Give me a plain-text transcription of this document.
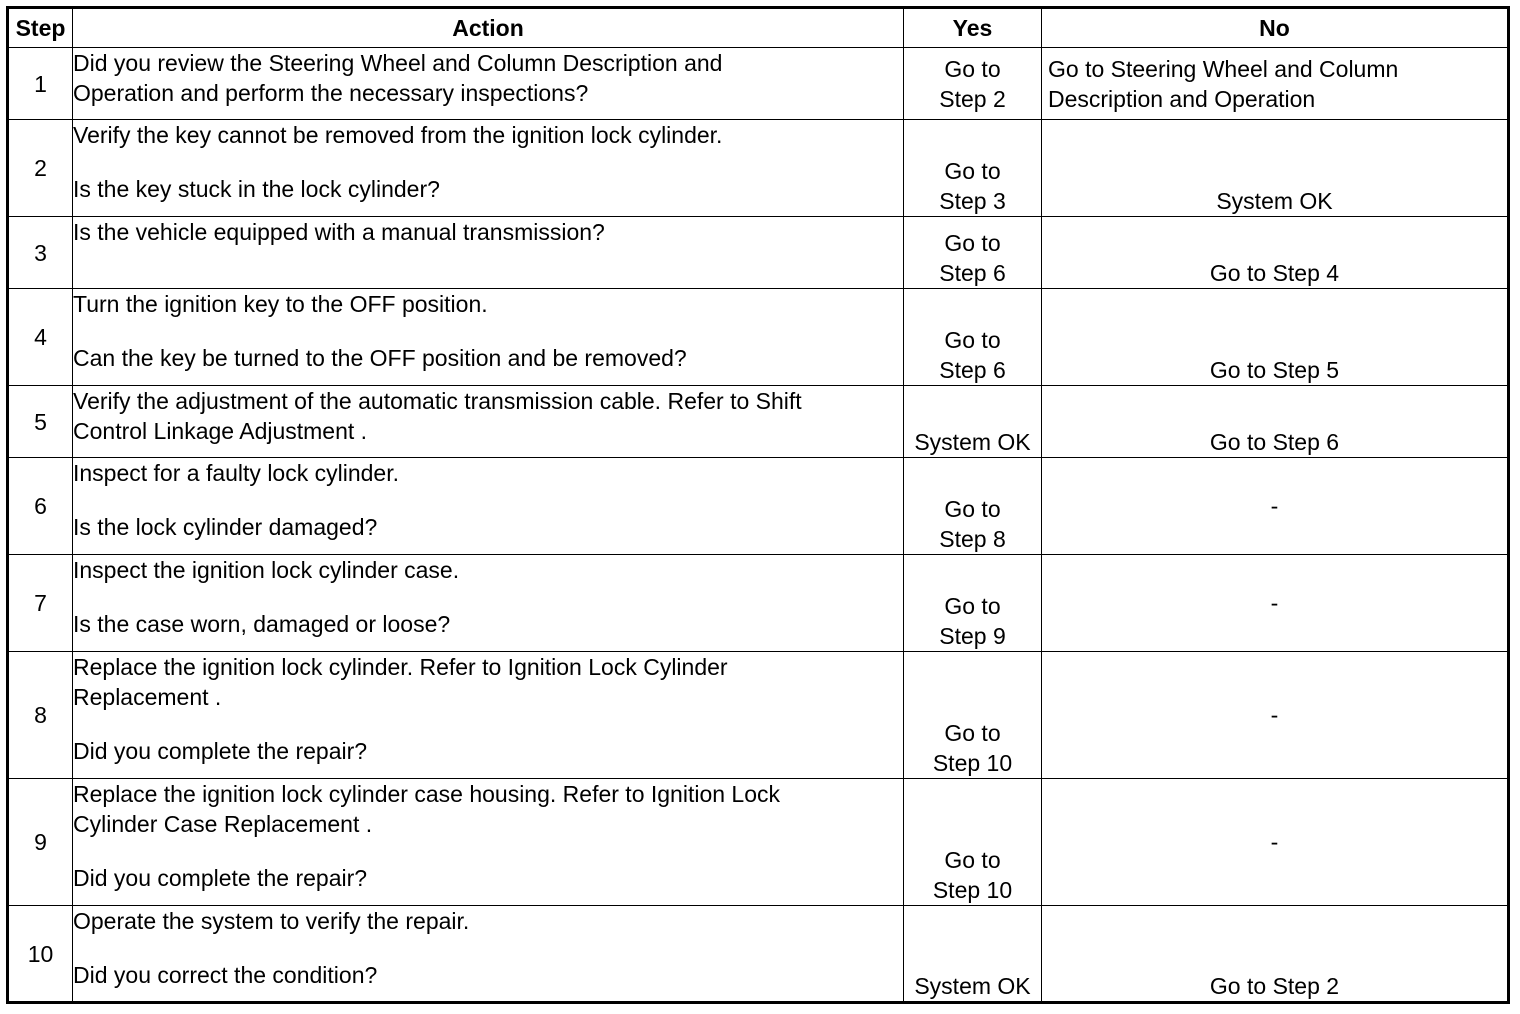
Step	Action	Yes	No
1	Did you review the Steering Wheel and Column Description and
Operation and perform the necessary inspections?	Go to
Step 2	Go to Steering Wheel and Column
Description and Operation

2	Verify the key cannot be removed from the ignition lock cylinder.
Is the key stuck in the lock cylinder?	Go to
Step 3	System OK

3	Is the vehicle equipped with a manual transmission?	Go to
Step 6	Go to Step 4

4	Turn the ignition key to the OFF position.
Can the key be turned to the OFF position and be removed?	Go to
Step 6	Go to Step 5

5	Verify the adjustment of the automatic transmission cable. Refer to Shift
Control Linkage Adjustment .	System OK	Go to Step 6

6	Inspect for a faulty lock cylinder.
Is the lock cylinder damaged?	Go to
Step 8	-

7	Inspect the ignition lock cylinder case.
Is the case worn, damaged or loose?	Go to
Step 9	-

8	Replace the ignition lock cylinder. Refer to Ignition Lock Cylinder
Replacement .
Did you complete the repair?	Go to
Step 10	-

9	Replace the ignition lock cylinder case housing. Refer to Ignition Lock
Cylinder Case Replacement .
Did you complete the repair?	Go to
Step 10	-

10	Operate the system to verify the repair.
Did you correct the condition?	System OK	Go to Step 2
